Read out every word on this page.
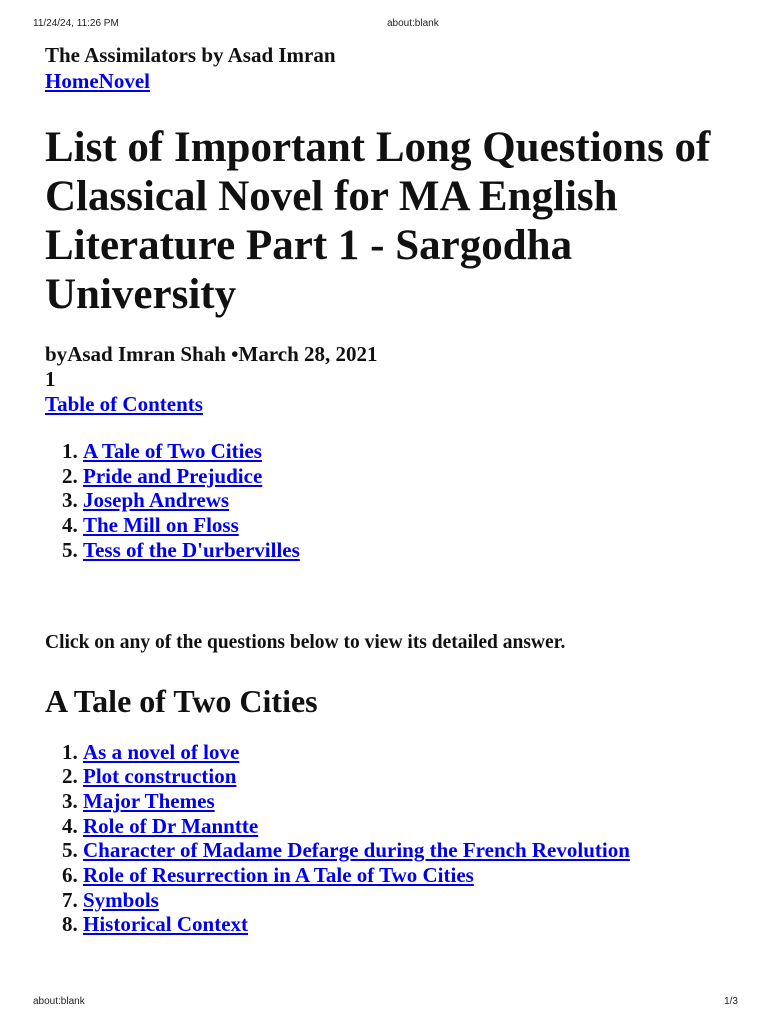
11/24/24, 11:26 PM	about:blank

The Assimilators by Asad Imran

HomeNovel

List of Important Long Questions of Classical Novel for MA English Literature Part 1 - Sargodha University

byAsad Imran Shah •March 28, 2021

1

Table of Contents

1. A Tale of Two Cities
2. Pride and Prejudice
3. Joseph Andrews
4. The Mill on Floss
5. Tess of the D'urbervilles

Click on any of the questions below to view its detailed answer.

A Tale of Two Cities
1. As a novel of love
2. Plot construction
3. Major Themes
4. Role of Dr Manntte
5. Character of Madame Defarge during the French Revolution
6. Role of Resurrection in A Tale of Two Cities
7. Symbols
8. Historical Context
about:blank	1/3
